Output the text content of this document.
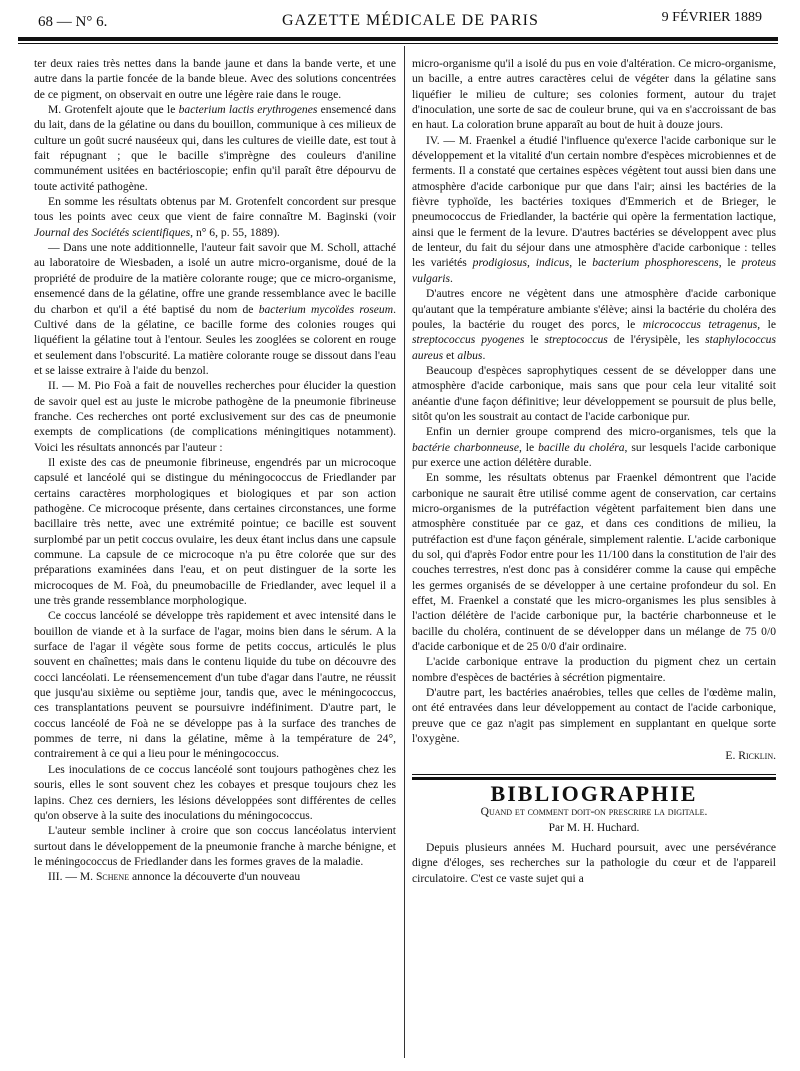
68 — N° 6.	GAZETTE MÉDICALE DE PARIS	9 FÉVRIER 1889

ter deux raies très nettes dans la bande jaune et dans la bande verte, et une autre dans la partie foncée de la bande bleue. Avec des solutions concentrées de ce pigment, on observait en outre une légère raie dans le rouge.

M. Grotenfelt ajoute que le bacterium lactis erythrogenes ensemencé dans du lait, dans de la gélatine ou dans du bouillon, communique à ces milieux de culture un goût sucré nauséeux qui, dans les cultures de vieille date, est tout à fait répugnant ; que le bacille s'imprègne des couleurs d'aniline communément usitées en bactérioscopie; enfin qu'il paraît être dépourvu de toute activité pathogène.

En somme les résultats obtenus par M. Grotenfelt concordent sur presque tous les points avec ceux que vient de faire connaître M. Baginski (voir Journal des Sociétés scientifiques, n° 6, p. 55, 1889).

— Dans une note additionnelle, l'auteur fait savoir que M. Scholl, attaché au laboratoire de Wiesbaden, a isolé un autre micro-organisme, doué de la propriété de produire de la matière colorante rouge; que ce micro-organisme, ensemencé dans de la gélatine, offre une grande ressemblance avec le bacille du charbon et qu'il a été baptisé du nom de bacterium mycoïdes roseum. Cultivé dans de la gélatine, ce bacille forme des colonies rouges qui liquéfient la gélatine tout à l'entour. Seules les zooglées se colorent en rouge et seulement dans l'obscurité. La matière colorante rouge se dissout dans l'eau et se laisse extraire à l'aide du benzol.

II. — M. Pio Foà a fait de nouvelles recherches pour élucider la question de savoir quel est au juste le microbe pathogène de la pneumonie fibrineuse franche. Ces recherches ont porté exclusivement sur des cas de pneumonie exempts de complications (de complications méningitiques notamment). Voici les résultats annoncés par l'auteur :

Il existe des cas de pneumonie fibrineuse, engendrés par un microcoque capsulé et lancéolé qui se distingue du méningococcus de Friedlander par certains caractères morphologiques et biologiques et par son action pathogène. Ce microcoque présente, dans certaines circonstances, une forme bacillaire très nette, avec une extrémité pointue; ce bacille est souvent surplombé par un petit coccus ovulaire, les deux étant inclus dans une capsule commune. La capsule de ce microcoque n'a pu être colorée que sur des préparations examinées dans l'eau, et on peut distinguer de la sorte les microcoques de M. Foà, du pneumobacille de Friedlander, avec lequel il a une très grande ressemblance morphologique.

Ce coccus lancéolé se développe très rapidement et avec intensité dans le bouillon de viande et à la surface de l'agar, moins bien dans le sérum. A la surface de l'agar il végète sous forme de petits coccus, articulés le plus souvent en chaînettes; mais dans le contenu liquide du tube on découvre des cocci lancéolati. Le réensemencement d'un tube d'agar dans l'autre, ne réussit que jusqu'au sixième ou septième jour, tandis que, avec le méningococcus, ces transplantations peuvent se poursuivre indéfiniment. D'autre part, le coccus lancéolé de Foà ne se développe pas à la surface des tranches de pommes de terre, ni dans la gélatine, même à la température de 24°, contrairement à ce qui a lieu pour le méningococcus.

Les inoculations de ce coccus lancéolé sont toujours pathogènes chez les souris, elles le sont souvent chez les cobayes et presque toujours chez les lapins. Chez ces derniers, les lésions développées sont différentes de celles qu'on observe à la suite des inoculations du méningococcus.

L'auteur semble incliner à croire que son coccus lancéolatus intervient surtout dans le développement de la pneumonie franche à marche bénigne, et le méningococcus de Friedlander dans les formes graves de la maladie.

III. — M. Schene annonce la découverte d'un nouveau

micro-organisme qu'il a isolé du pus en voie d'altération. Ce micro-organisme, un bacille, a entre autres caractères celui de végéter dans la gélatine sans liquéfier le milieu de culture; ses colonies forment, autour du trajet d'inoculation, une sorte de sac de couleur brune, qui va en s'accroissant de bas en haut. La coloration brune apparaît au bout de huit à douze jours.

IV. — M. Fraenkel a étudié l'influence qu'exerce l'acide carbonique sur le développement et la vitalité d'un certain nombre d'espèces microbiennes et de ferments. Il a constaté que certaines espèces végètent tout aussi bien dans une atmosphère d'acide carbonique pur que dans l'air; ainsi les bactéries de la fièvre typhoïde, les bactéries toxiques d'Emmerich et de Brieger, le pneumococcus de Friedlander, la bactérie qui opère la fermentation lactique, ainsi que le ferment de la levure. D'autres bactéries se développent avec plus de lenteur, du fait du séjour dans une atmosphère d'acide carbonique : telles les variétés prodigiosus, indicus, le bacterium phosphorescens, le proteus vulgaris.

D'autres encore ne végètent dans une atmosphère d'acide carbonique qu'autant que la température ambiante s'élève; ainsi la bactérie du choléra des poules, la bactérie du rouget des porcs, le micrococcus tetragenus, le streptococcus pyogenes le streptococcus de l'érysipèle, les staphylococcus aureus et albus.

Beaucoup d'espèces saprophytiques cessent de se développer dans une atmosphère d'acide carbonique, mais sans que pour cela leur vitalité soit anéantie d'une façon définitive; leur développement se poursuit de plus belle, sitôt qu'on les soustrait au contact de l'acide carbonique pur.

Enfin un dernier groupe comprend des micro-organismes, tels que la bactérie charbonneuse, le bacille du choléra, sur lesquels l'acide carbonique pur exerce une action délétère durable.

En somme, les résultats obtenus par Fraenkel démontrent que l'acide carbonique ne saurait être utilisé comme agent de conservation, car certains micro-organismes de la putréfaction végètent parfaitement bien dans une atmosphère constituée par ce gaz, et dans ces conditions de milieu, la putréfaction est d'une façon générale, simplement ralentie. L'acide carbonique du sol, qui d'après Fodor entre pour les 11/100 dans la constitution de l'air des couches terrestres, n'est donc pas à considérer comme la cause qui empêche les germes organisés de se développer à une certaine profondeur du sol. En effet, M. Fraenkel a constaté que les micro-organismes les plus sensibles à l'action délétère de l'acide carbonique pur, la bactérie charbonneuse et le bacille du choléra, continuent de se développer dans un mélange de 75 0/0 d'acide carbonique et de 25 0/0 d'air ordinaire.

L'acide carbonique entrave la production du pigment chez un certain nombre d'espèces de bactéries à sécrétion pigmentaire.

D'autre part, les bactéries anaérobies, telles que celles de l'œdème malin, ont été entravées dans leur développement au contact de l'acide carbonique, preuve que ce gaz n'agit pas simplement en supplantant en quelque sorte l'oxygène.

E. Ricklin.
BIBLIOGRAPHIE
Quand et comment doit-on prescrire la digitale.
Par M. H. Huchard.

Depuis plusieurs années M. Huchard poursuit, avec une persévérance digne d'éloges, ses recherches sur la pathologie du cœur et de l'appareil circulatoire. C'est ce vaste sujet qui a
